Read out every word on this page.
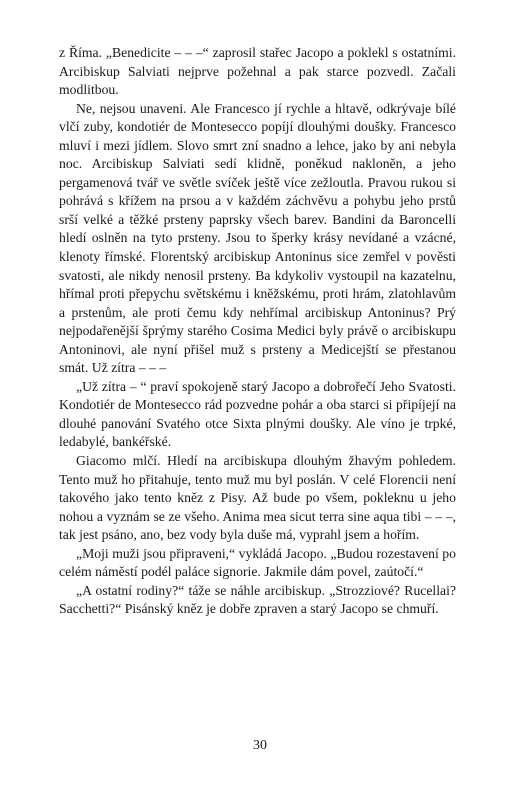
z Říma. „Benedicite – – –“ zaprosil stařec Jacopo a poklekl s ostatními. Arcibiskup Salviati nejprve požehnal a pak starce pozvedl. Začali modlitbou.

Ne, nejsou unaveni. Ale Francesco jí rychle a hltavě, odkrývaje bílé vlčí zuby, kondotiér de Montesecco popíjí dlouhými doušky. Francesco mluví i mezi jídlem. Slovo smrt zní snadno a lehce, jako by ani nebyla noc. Arcibiskup Salviati sedí klidně, poněkud nakloněn, a jeho pergamenová tvář ve světle svíček ještě více zežloutla. Pravou rukou si pohrává s křížem na prsou a v každém záchvěvu a pohybu jeho prstů srší velké a těžké prsteny paprsky všech barev. Bandini da Baroncelli hledí oslněn na tyto prsteny. Jsou to šperky krásy nevídané a vzácné, klenoty římské. Florentský arcibiskup Antoninus sice zemřel v pověsti svatosti, ale nikdy nenosil prsteny. Ba kdykoliv vystoupil na kazatelnu, hřímal proti přepychu světskému i kněžskému, proti hrám, zlatohlavům a prstenům, ale proti čemu kdy nehřímal arcibiskup Antoninus? Prý nejpodařenější šprýmy starého Cosima Medici byly právě o arcibiskupu Antoninovi, ale nyní přišel muž s prsteny a Medicejští se přestanou smát. Už zítra – – –

„Už zítra – “ praví spokojeně starý Jacopo a dobrořečí Jeho Svatosti. Kondotiér de Montesecco rád pozvedne pohár a oba starci si připíjejí na dlouhé panování Svatého otce Sixta plnými doušky. Ale víno je trpké, ledabylé, bankéřské.

Giacomo mlčí. Hledí na arcibiskupa dlouhým žhavým pohledem. Tento muž ho přitahuje, tento muž mu byl poslán. V celé Florencii není takového jako tento kněz z Pisy. Až bude po všem, pokleknu u jeho nohou a vyznám se ze všeho. Anima mea sicut terra sine aqua tibi – – –, tak jest psáno, ano, bez vody byla duše má, vyprahl jsem a hořím.

„Moji muži jsou připraveni,“ vykládá Jacopo. „Budou rozestavení po celém náměstí podél paláce signorie. Jakmile dám povel, zaútočí.“

„A ostatní rodiny?“ táže se náhle arcibiskup. „Strozziové? Rucellai? Sacchetti?“ Pisánský kněz je dobře zpraven a starý Jacopo se chmuří.

30
